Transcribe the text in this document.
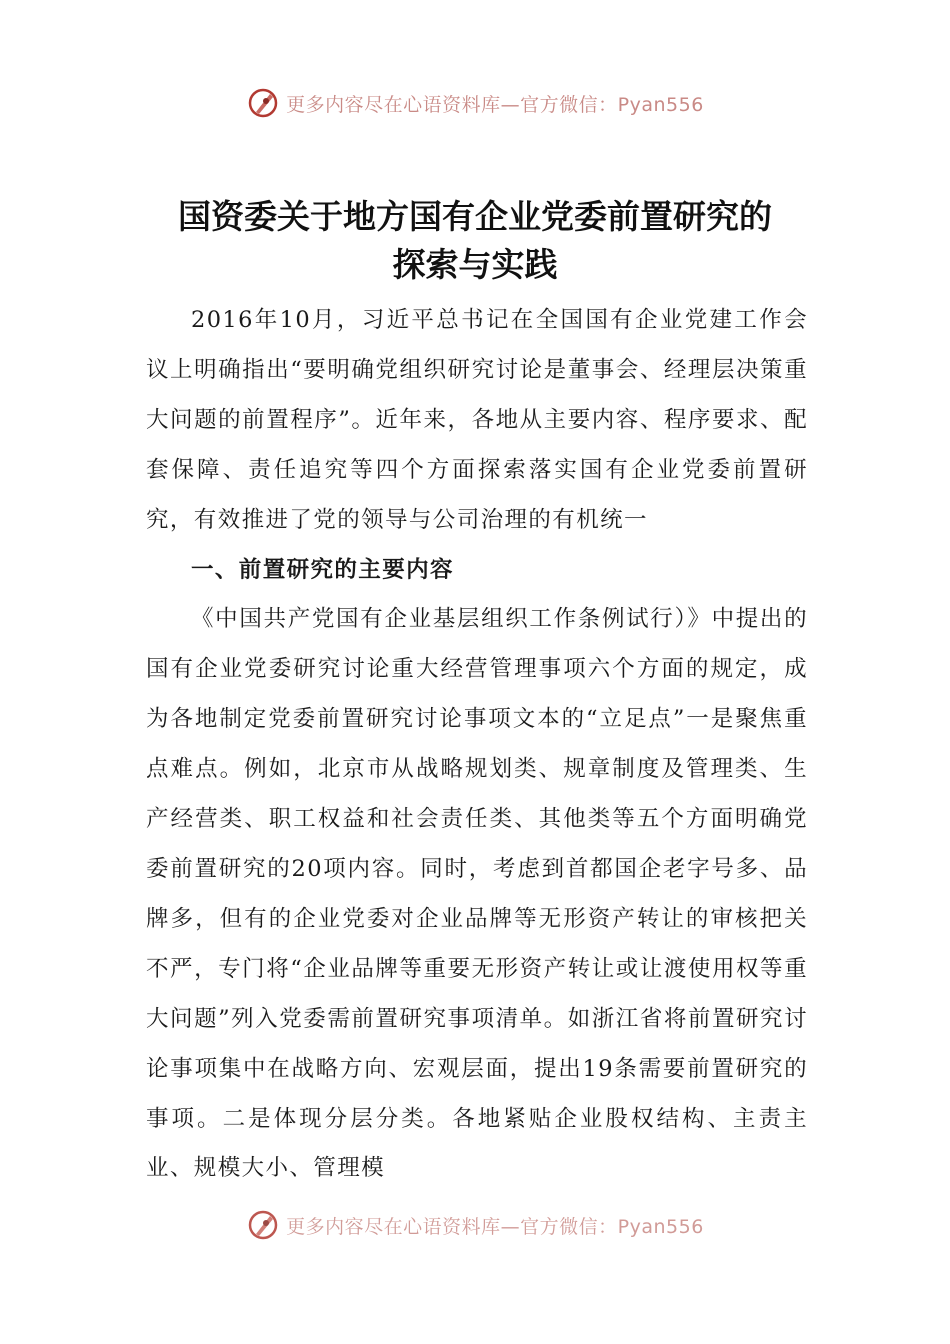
更多内容尽在心语资料库—官方微信：Pyan556
国资委关于地方国有企业党委前置研究的
探索与实践

2016年10月，习近平总书记在全国国有企业党建工作会议上明确指出“要明确党组织研究讨论是董事会、经理层决策重大问题的前置程序”。近年来，各地从主要内容、程序要求、配套保障、责任追究等四个方面探索落实国有企业党委前置研究，有效推进了党的领导与公司治理的有机统一

一、前置研究的主要内容

《中国共产党国有企业基层组织工作条例试行）》中提出的国有企业党委研究讨论重大经营管理事项六个方面的规定，成为各地制定党委前置研究讨论事项文本的“立足点”一是聚焦重点难点。例如，北京市从战略规划类、规章制度及管理类、生产经营类、职工权益和社会责任类、其他类等五个方面明确党委前置研究的20项内容。同时，考虑到首都国企老字号多、品牌多，但有的企业党委对企业品牌等无形资产转让的审核把关不严，专门将“企业品牌等重要无形资产转让或让渡使用权等重大问题”列入党委需前置研究事项清单。如浙江省将前置研究讨论事项集中在战略方向、宏观层面，提出19条需要前置研究的事项。二是体现分层分类。各地紧贴企业股权结构、主责主业、规模大小、管理模

更多内容尽在心语资料库—官方微信：Pyan556
